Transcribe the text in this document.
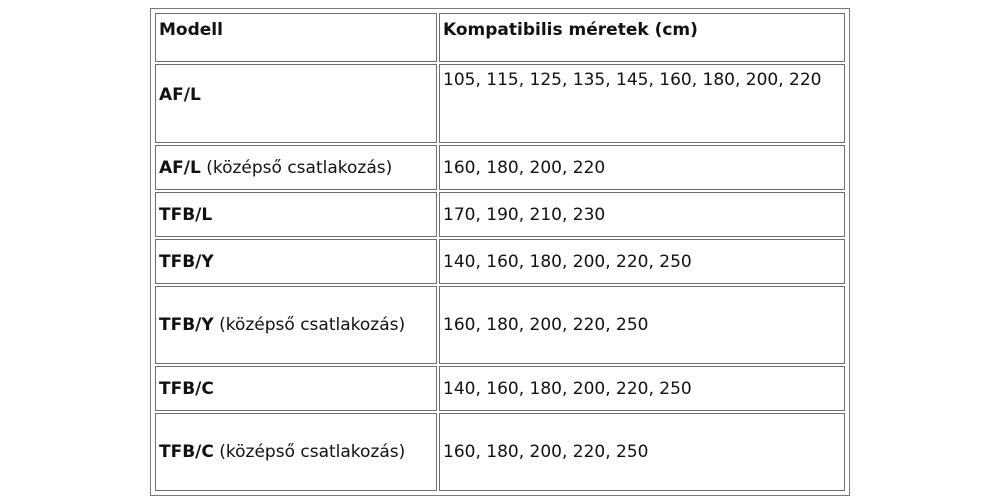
Modell	Kompatibilis méretek (cm)
AF/L	105, 115, 125, 135, 145, 160, 180, 200, 220
AF/L (középső csatlakozás)	160, 180, 200, 220
TFB/L	170, 190, 210, 230
TFB/Y	140, 160, 180, 200, 220, 250
TFB/Y (középső csatlakozás)	160, 180, 200, 220, 250
TFB/C	140, 160, 180, 200, 220, 250
TFB/C (középső csatlakozás)	160, 180, 200, 220, 250
